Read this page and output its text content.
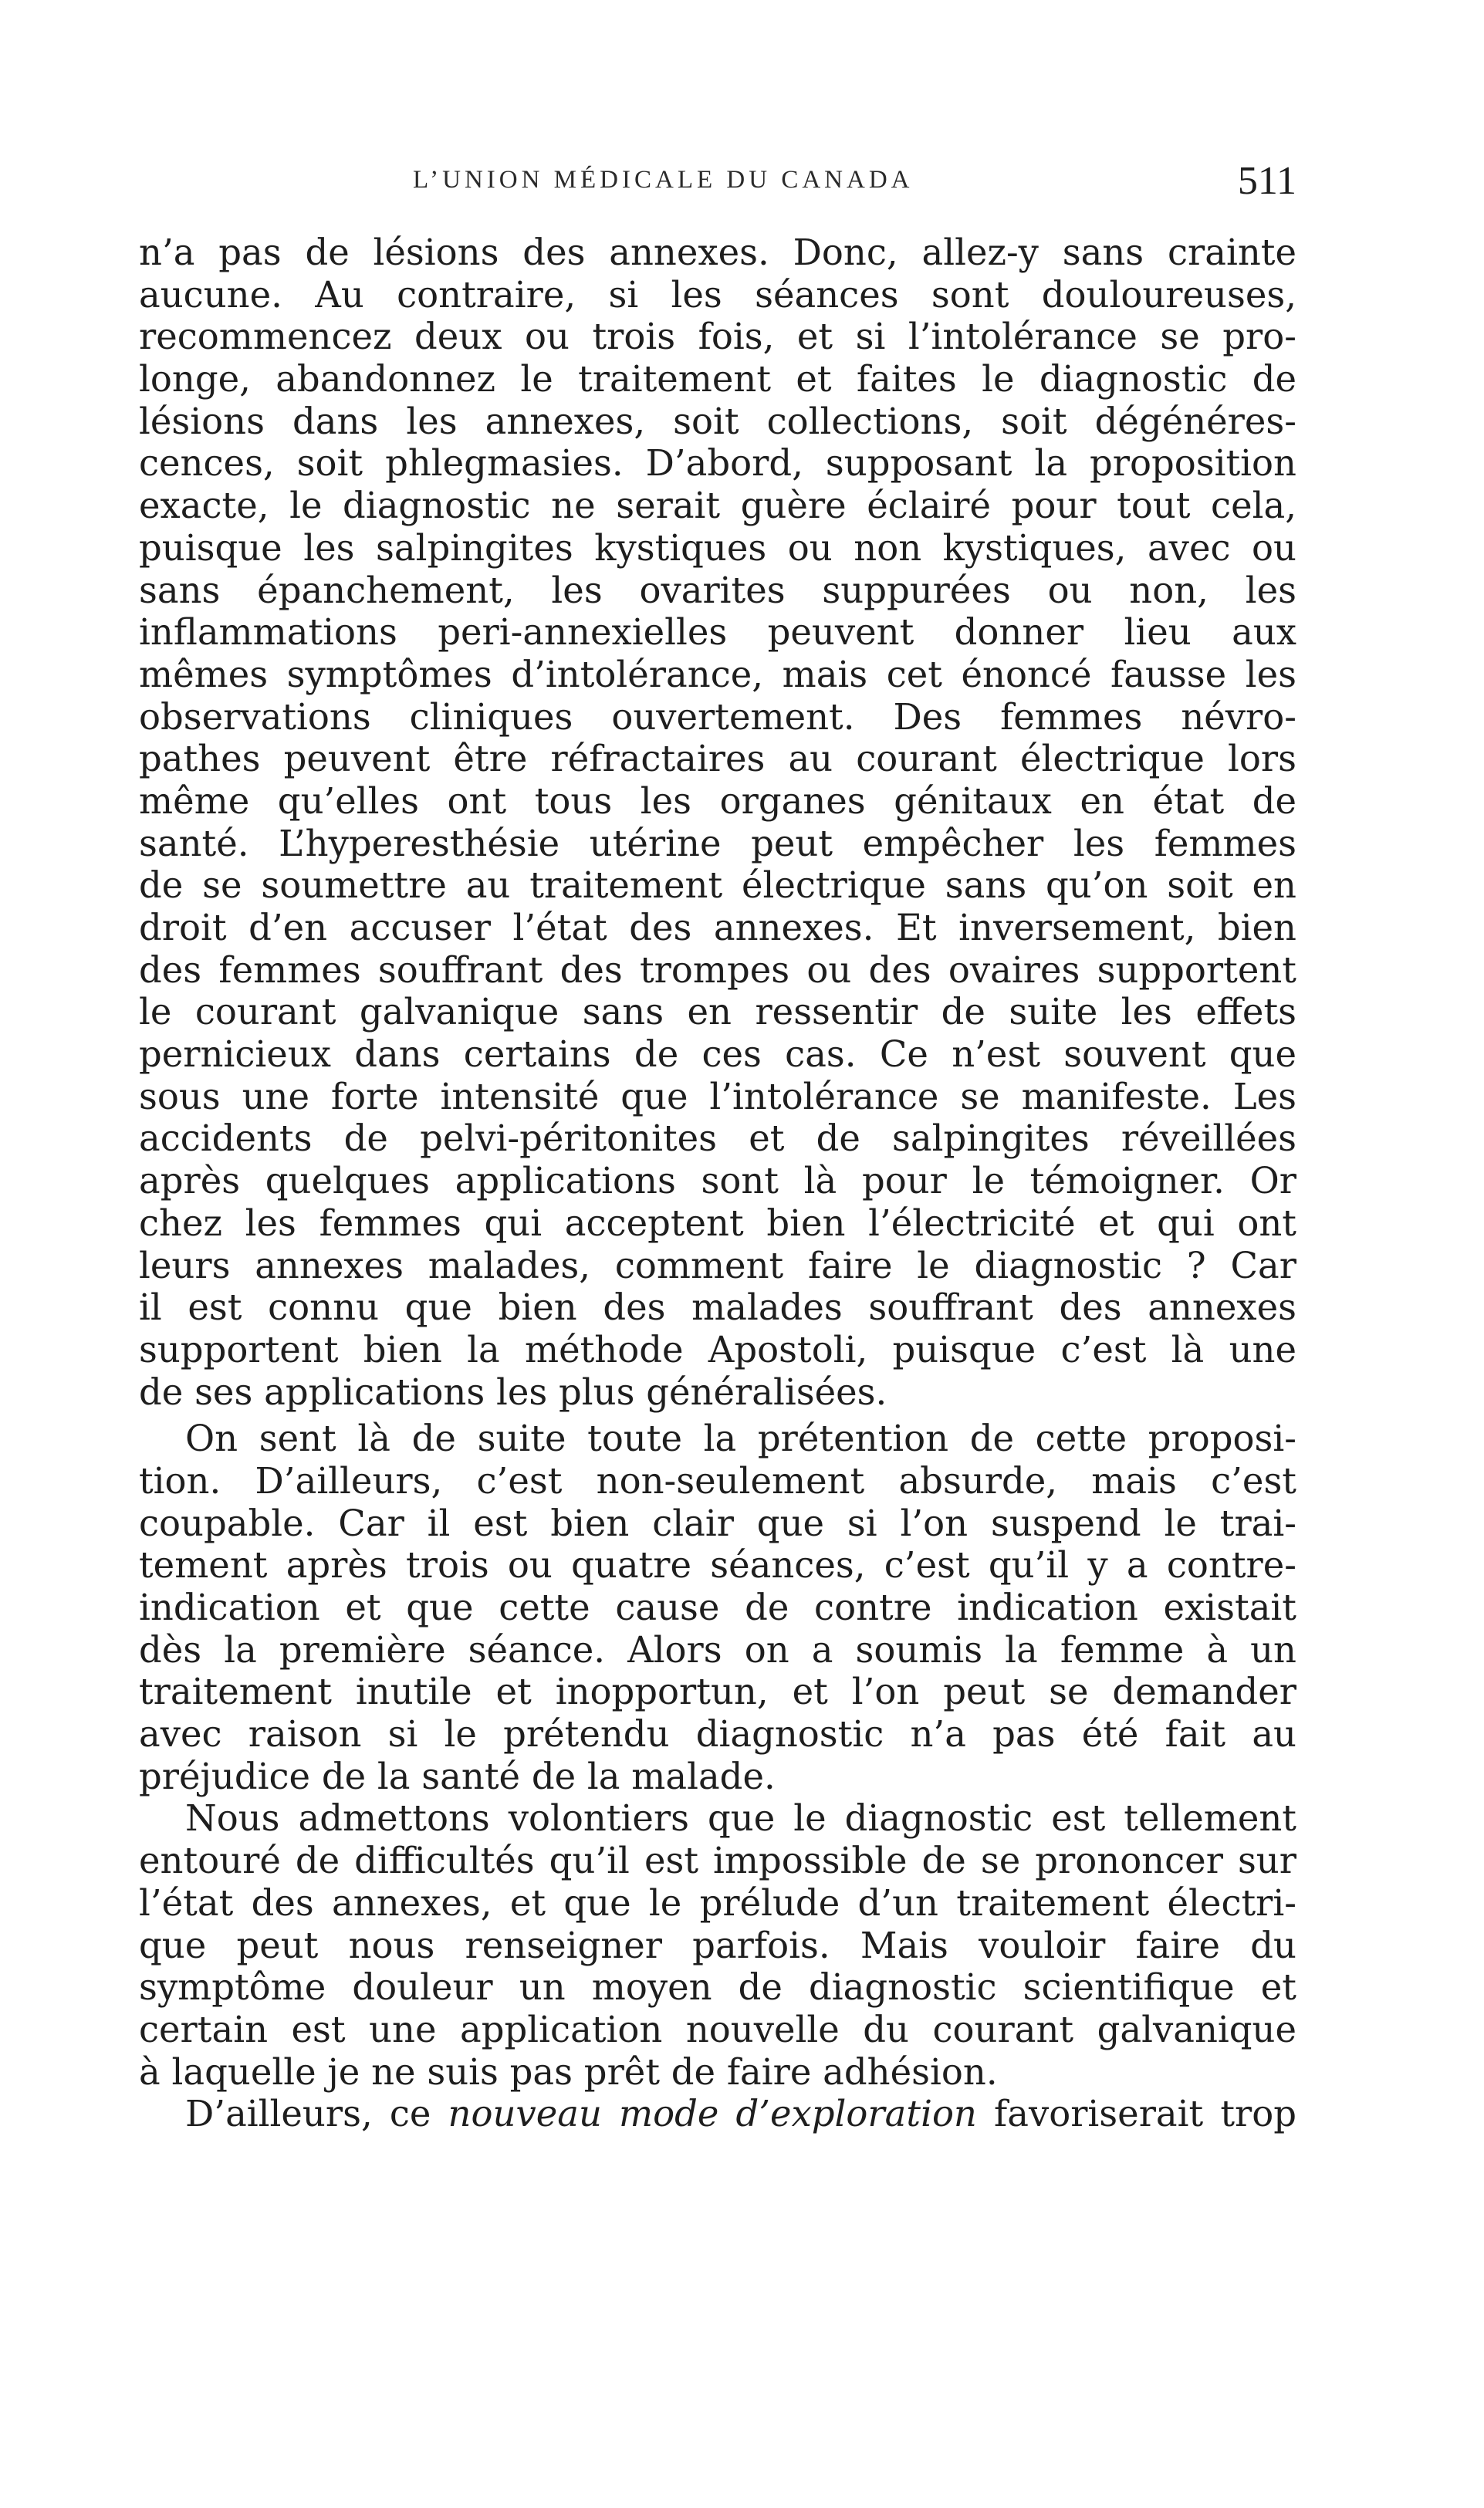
L’UNION MÉDICALE DU CANADA	511
n’a pas de lésions des annexes. Donc, allez-y sans crainte
aucune. Au contraire, si les séances sont douloureuses,
recommencez deux ou trois fois, et si l’intolérance se pro-
longe, abandonnez le traitement et faites le diagnostic de
lésions dans les annexes, soit collections, soit dégénéres-
cences, soit phlegmasies. D’abord, supposant la proposition
exacte, le diagnostic ne serait guère éclairé pour tout cela,
puisque les salpingites kystiques ou non kystiques, avec ou
sans épanchement, les ovarites suppurées ou non, les
inflammations peri-annexielles peuvent donner lieu aux
mêmes symptômes d’intolérance, mais cet énoncé fausse les
observations cliniques ouvertement. Des femmes névro-
pathes peuvent être réfractaires au courant électrique lors
même qu’elles ont tous les organes génitaux en état de
santé. L’hyperesthésie utérine peut empêcher les femmes
de se soumettre au traitement électrique sans qu’on soit en
droit d’en accuser l’état des annexes. Et inversement, bien
des femmes souffrant des trompes ou des ovaires supportent
le courant galvanique sans en ressentir de suite les effets
pernicieux dans certains de ces cas. Ce n’est souvent que
sous une forte intensité que l’intolérance se manifeste. Les
accidents de pelvi-péritonites et de salpingites réveillées
après quelques applications sont là pour le témoigner. Or
chez les femmes qui acceptent bien l’électricité et qui ont
leurs annexes malades, comment faire le diagnostic ? Car
il est connu que bien des malades souffrant des annexes
supportent bien la méthode Apostoli, puisque c’est là une
de ses applications les plus généralisées.
On sent là de suite toute la prétention de cette proposi-
tion. D’ailleurs, c’est non-seulement absurde, mais c’est
coupable. Car il est bien clair que si l’on suspend le trai-
tement après trois ou quatre séances, c’est qu’il y a contre-
indication et que cette cause de contre indication existait
dès la première séance. Alors on a soumis la femme à un
traitement inutile et inopportun, et l’on peut se demander
avec raison si le prétendu diagnostic n’a pas été fait au
préjudice de la santé de la malade.
Nous admettons volontiers que le diagnostic est tellement
entouré de difficultés qu’il est impossible de se prononcer sur
l’état des annexes, et que le prélude d’un traitement électri-
que peut nous renseigner parfois. Mais vouloir faire du
symptôme douleur un moyen de diagnostic scientifique et
certain est une application nouvelle du courant galvanique
à laquelle je ne suis pas prêt de faire adhésion.
D’ailleurs, ce nouveau mode d’exploration favoriserait trop
